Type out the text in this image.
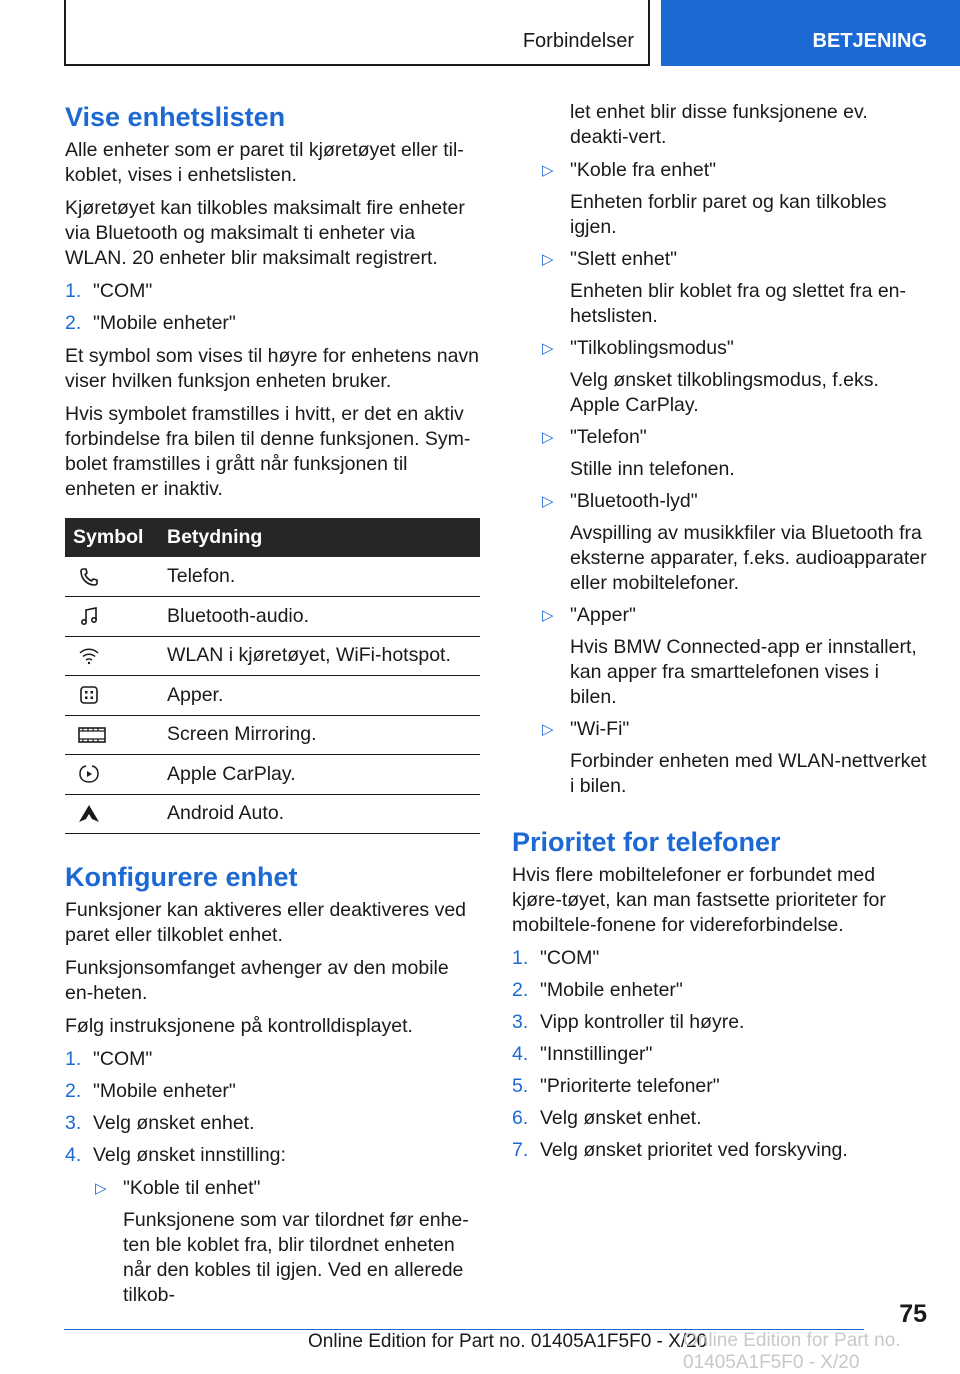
Forbindelser	BETJENING
Vise enhetslisten

Alle enheter som er paret til kjøretøyet eller til-koblet, vises i enhetslisten.

Kjøretøyet kan tilkobles maksimalt fire enheter via Bluetooth og maksimalt ti enheter via WLAN. 20 enheter blir maksimalt registrert.

1. "COM"
2. "Mobile enheter"

Et symbol som vises til høyre for enhetens navn viser hvilken funksjon enheten bruker.

Hvis symbolet framstilles i hvitt, er det en aktiv forbindelse fra bilen til denne funksjonen. Sym-bolet framstilles i grått når funksjonen til enheten er inaktiv.

Symbol	Betydning

	Telefon.

	Bluetooth-audio.

	WLAN i kjøretøyet, WiFi-hotspot.

	Apper.

	Screen Mirroring.

	Apple CarPlay.

	Android Auto.
Konfigurere enhet

Funksjoner kan aktiveres eller deaktiveres ved paret eller tilkoblet enhet.

Funksjonsomfanget avhenger av den mobile en-heten.

Følg instruksjonene på kontrolldisplayet.

1. "COM"
2. "Mobile enheter"
3. Velg ønsket enhet.
4. Velg ønsket innstilling:
▷ "Koble til enhet"
Funksjonene som var tilordnet før enhe-ten ble koblet fra, blir tilordnet enheten når den kobles til igjen. Ved en allerede tilkob-

let enhet blir disse funksjonene ev. deakti-vert.

▷ "Koble fra enhet"
Enheten forblir paret og kan tilkobles igjen.
▷ "Slett enhet"
Enheten blir koblet fra og slettet fra en-hetslisten.
▷ "Tilkoblingsmodus"
Velg ønsket tilkoblingsmodus, f.eks. Apple CarPlay.
▷ "Telefon"
Stille inn telefonen.
▷ "Bluetooth-lyd"
Avspilling av musikkfiler via Bluetooth fra eksterne apparater, f.eks. audioapparater eller mobiltelefoner.
▷ "Apper"
Hvis BMW Connected-app er innstallert, kan apper fra smarttelefonen vises i bilen.
▷ "Wi-Fi"
Forbinder enheten med WLAN-nettverket i bilen.
Prioritet for telefoner

Hvis flere mobiltelefoner er forbundet med kjøre-tøyet, kan man fastsette prioriteter for mobiltele-fonene for videreforbindelse.

1. "COM"
2. "Mobile enheter"
3. Vipp kontroller til høyre.
4. "Innstillinger"
5. "Prioriterte telefoner"
6. Velg ønsket enhet.
7. Velg ønsket prioritet ved forskyving.
75
Online Edition for Part no. 01405A1F5F0 - X/20
Online Edition for Part no. 01405A1F5F0 - X/20
